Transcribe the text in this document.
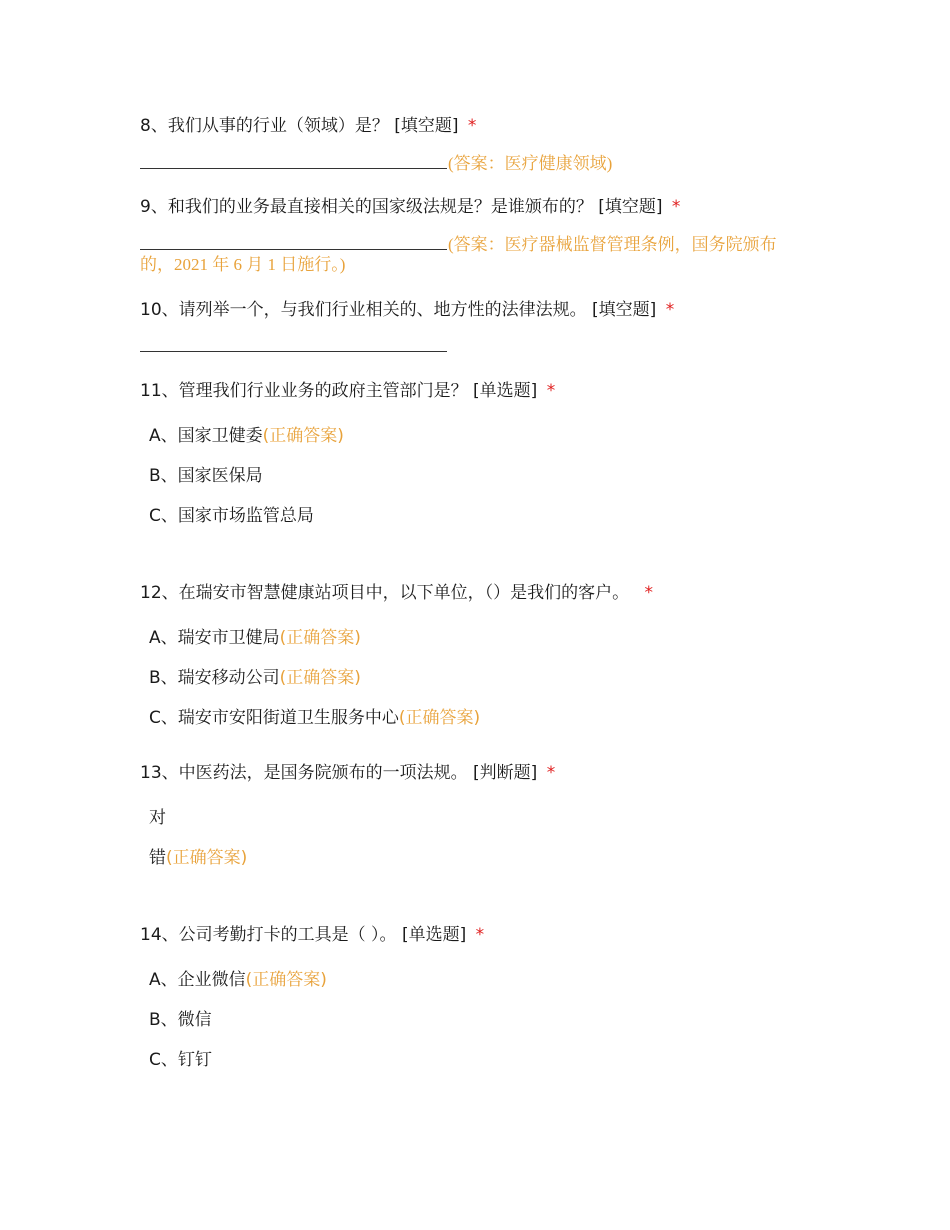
8、我们从事的行业（领域）是？ [填空题] *
(答案：医疗健康领域)
9、和我们的业务最直接相关的国家级法规是？是谁颁布的？ [填空题] *
(答案：医疗器械监督管理条例，国务院颁布
的，2021 年 6 月 1 日施行。)
10、请列举一个，与我们行业相关的、地方性的法律法规。 [填空题] *
11、管理我们行业业务的政府主管部门是？ [单选题] *
A、国家卫健委(正确答案)
B、国家医保局
C、国家市场监管总局
12、在瑞安市智慧健康站项目中，以下单位，（）是我们的客户。 *
A、瑞安市卫健局(正确答案)
B、瑞安移动公司(正确答案)
C、瑞安市安阳街道卫生服务中心(正确答案)
13、中医药法，是国务院颁布的一项法规。 [判断题] *
对
错(正确答案)
14、公司考勤打卡的工具是（ ）。 [单选题] *
A、企业微信(正确答案)
B、微信
C、钉钉
